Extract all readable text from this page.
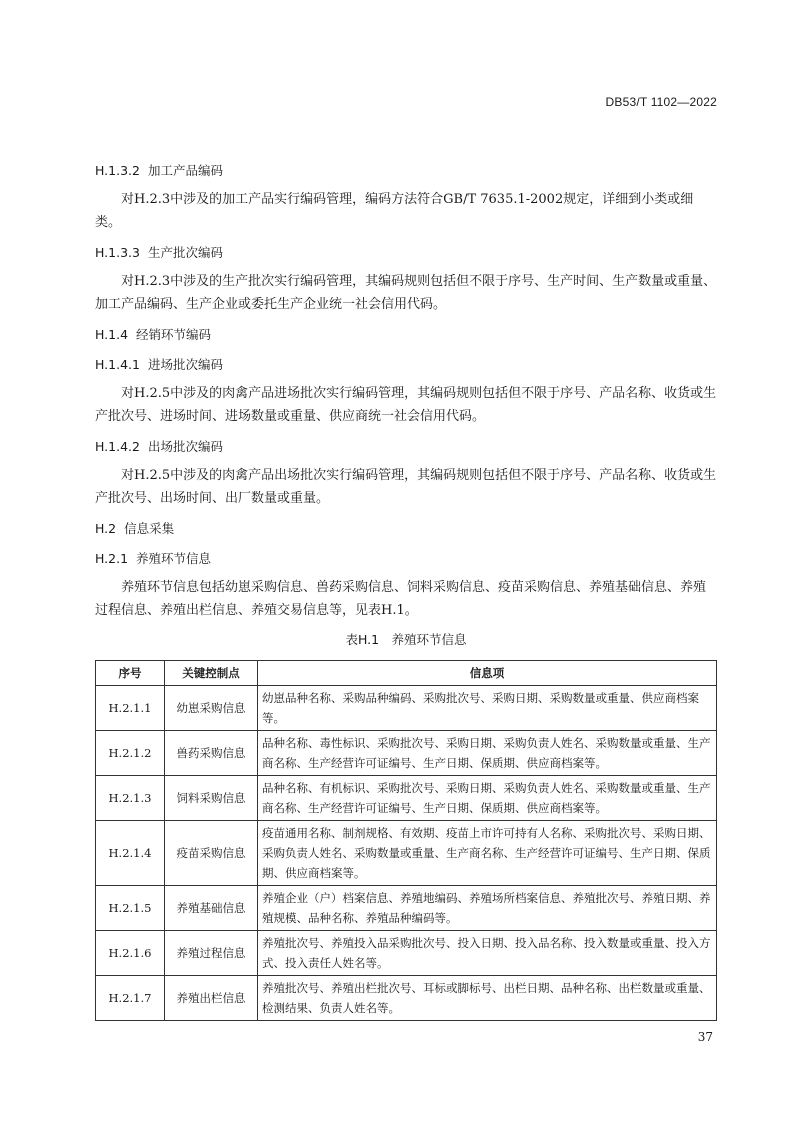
DB53/T 1102—2022

H.1.3.2 加工产品编码

对H.2.3中涉及的加工产品实行编码管理，编码方法符合GB/T 7635.1-2002规定，详细到小类或细类。

H.1.3.3 生产批次编码

对H.2.3中涉及的生产批次实行编码管理，其编码规则包括但不限于序号、生产时间、生产数量或重量、加工产品编码、生产企业或委托生产企业统一社会信用代码。

H.1.4 经销环节编码

H.1.4.1 进场批次编码

对H.2.5中涉及的肉禽产品进场批次实行编码管理，其编码规则包括但不限于序号、产品名称、收货或生产批次号、进场时间、进场数量或重量、供应商统一社会信用代码。

H.1.4.2 出场批次编码

对H.2.5中涉及的肉禽产品出场批次实行编码管理，其编码规则包括但不限于序号、产品名称、收货或生产批次号、出场时间、出厂数量或重量。

H.2 信息采集

H.2.1 养殖环节信息

养殖环节信息包括幼崽采购信息、兽药采购信息、饲料采购信息、疫苗采购信息、养殖基础信息、养殖过程信息、养殖出栏信息、养殖交易信息等，见表H.1。

表H.1　养殖环节信息
序号	关键控制点	信息项
H.2.1.1	幼崽采购信息	幼崽品种名称、采购品种编码、采购批次号、采购日期、采购数量或重量、供应商档案等。
H.2.1.2	兽药采购信息	品种名称、毒性标识、采购批次号、采购日期、采购负责人姓名、采购数量或重量、生产商名称、生产经营许可证编号、生产日期、保质期、供应商档案等。
H.2.1.3	饲料采购信息	品种名称、有机标识、采购批次号、采购日期、采购负责人姓名、采购数量或重量、生产商名称、生产经营许可证编号、生产日期、保质期、供应商档案等。
H.2.1.4	疫苗采购信息	疫苗通用名称、制剂规格、有效期、疫苗上市许可持有人名称、采购批次号、采购日期、采购负责人姓名、采购数量或重量、生产商名称、生产经营许可证编号、生产日期、保质期、供应商档案等。
H.2.1.5	养殖基础信息	养殖企业（户）档案信息、养殖地编码、养殖场所档案信息、养殖批次号、养殖日期、养殖规模、品种名称、养殖品种编码等。
H.2.1.6	养殖过程信息	养殖批次号、养殖投入品采购批次号、投入日期、投入品名称、投入数量或重量、投入方式、投入责任人姓名等。
H.2.1.7	养殖出栏信息	养殖批次号、养殖出栏批次号、耳标或脚标号、出栏日期、品种名称、出栏数量或重量、检测结果、负责人姓名等。
37
